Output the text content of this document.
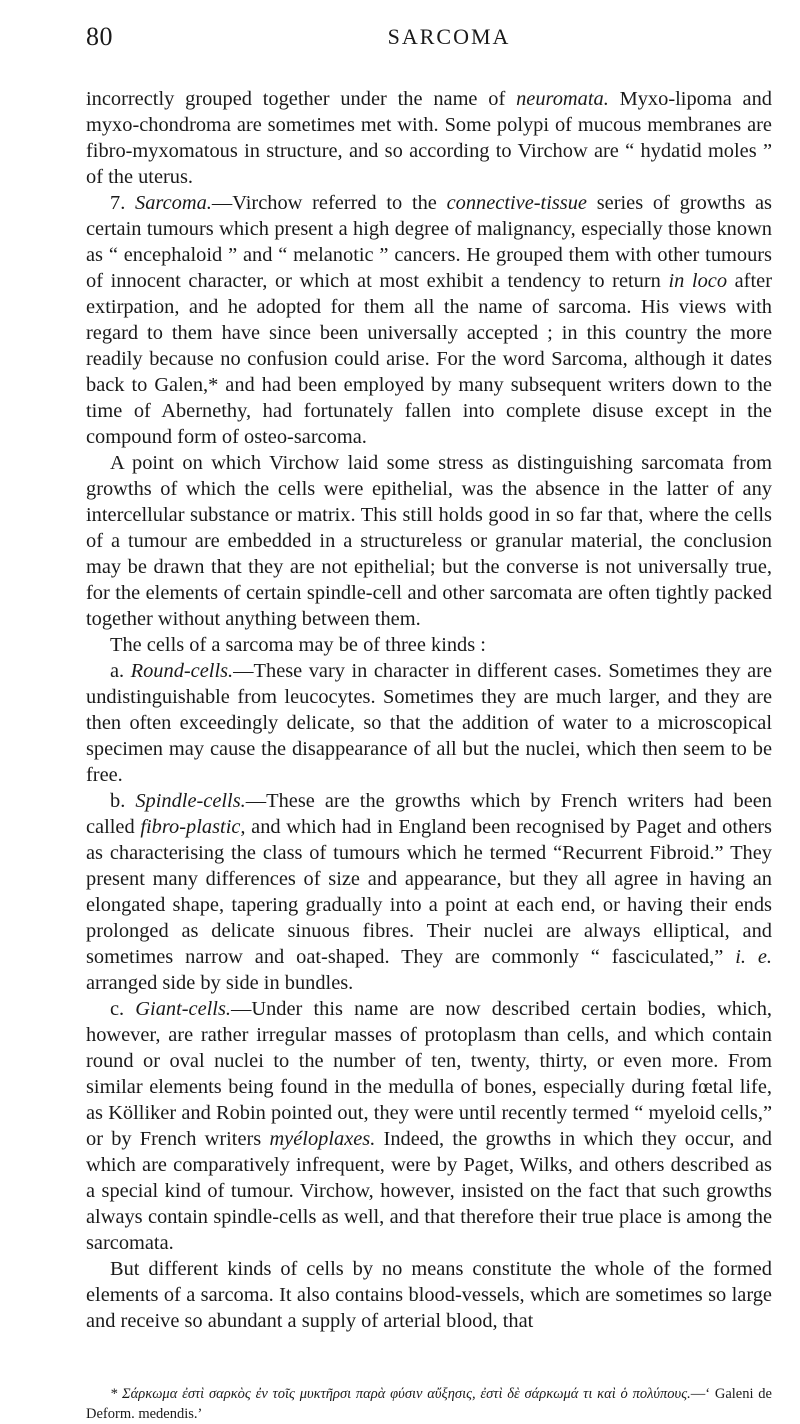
80	SARCOMA

incorrectly grouped together under the name of neuromata. Myxo-lipoma and myxo-chondroma are sometimes met with. Some polypi of mucous membranes are fibro-myxomatous in structure, and so according to Virchow are “ hydatid moles ” of the uterus.

7. Sarcoma.—Virchow referred to the connective-tissue series of growths as certain tumours which present a high degree of malignancy, especially those known as “ encephaloid ” and “ melanotic ” cancers. He grouped them with other tumours of innocent character, or which at most exhibit a tendency to return in loco after extirpation, and he adopted for them all the name of sarcoma. His views with regard to them have since been universally accepted ; in this country the more readily because no confusion could arise. For the word Sarcoma, although it dates back to Galen,* and had been employed by many subsequent writers down to the time of Abernethy, had fortunately fallen into complete disuse except in the compound form of osteo-sarcoma.

A point on which Virchow laid some stress as distinguishing sarcomata from growths of which the cells were epithelial, was the absence in the latter of any intercellular substance or matrix. This still holds good in so far that, where the cells of a tumour are embedded in a structureless or granular material, the conclusion may be drawn that they are not epithelial; but the converse is not universally true, for the elements of certain spindle-cell and other sarcomata are often tightly packed together without anything between them.

The cells of a sarcoma may be of three kinds :

a. Round-cells.—These vary in character in different cases. Sometimes they are undistinguishable from leucocytes. Sometimes they are much larger, and they are then often exceedingly delicate, so that the addition of water to a microscopical specimen may cause the disappearance of all but the nuclei, which then seem to be free.

b. Spindle-cells.—These are the growths which by French writers had been called fibro-plastic, and which had in England been recognised by Paget and others as characterising the class of tumours which he termed “Recurrent Fibroid.” They present many differences of size and appearance, but they all agree in having an elongated shape, tapering gradually into a point at each end, or having their ends prolonged as delicate sinuous fibres. Their nuclei are always elliptical, and sometimes narrow and oat-shaped. They are commonly “ fasciculated,” i. e. arranged side by side in bundles.

c. Giant-cells.—Under this name are now described certain bodies, which, however, are rather irregular masses of protoplasm than cells, and which contain round or oval nuclei to the number of ten, twenty, thirty, or even more. From similar elements being found in the medulla of bones, especially during fœtal life, as Kölliker and Robin pointed out, they were until recently termed “ myeloid cells,” or by French writers myéloplaxes. Indeed, the growths in which they occur, and which are comparatively infrequent, were by Paget, Wilks, and others described as a special kind of tumour. Virchow, however, insisted on the fact that such growths always contain spindle-cells as well, and that therefore their true place is among the sarcomata.

But different kinds of cells by no means constitute the whole of the formed elements of a sarcoma. It also contains blood-vessels, which are sometimes so large and receive so abundant a supply of arterial blood, that

* Σάρκωμα ἐστὶ σαρκὸς ἐν τοῖς μυκτῆρσι παρὰ φύσιν αὔξησις, ἐστὶ δὲ σάρκωμά τι καὶ ὁ πολύπους.—‘ Galeni de Deform. medendis.’
